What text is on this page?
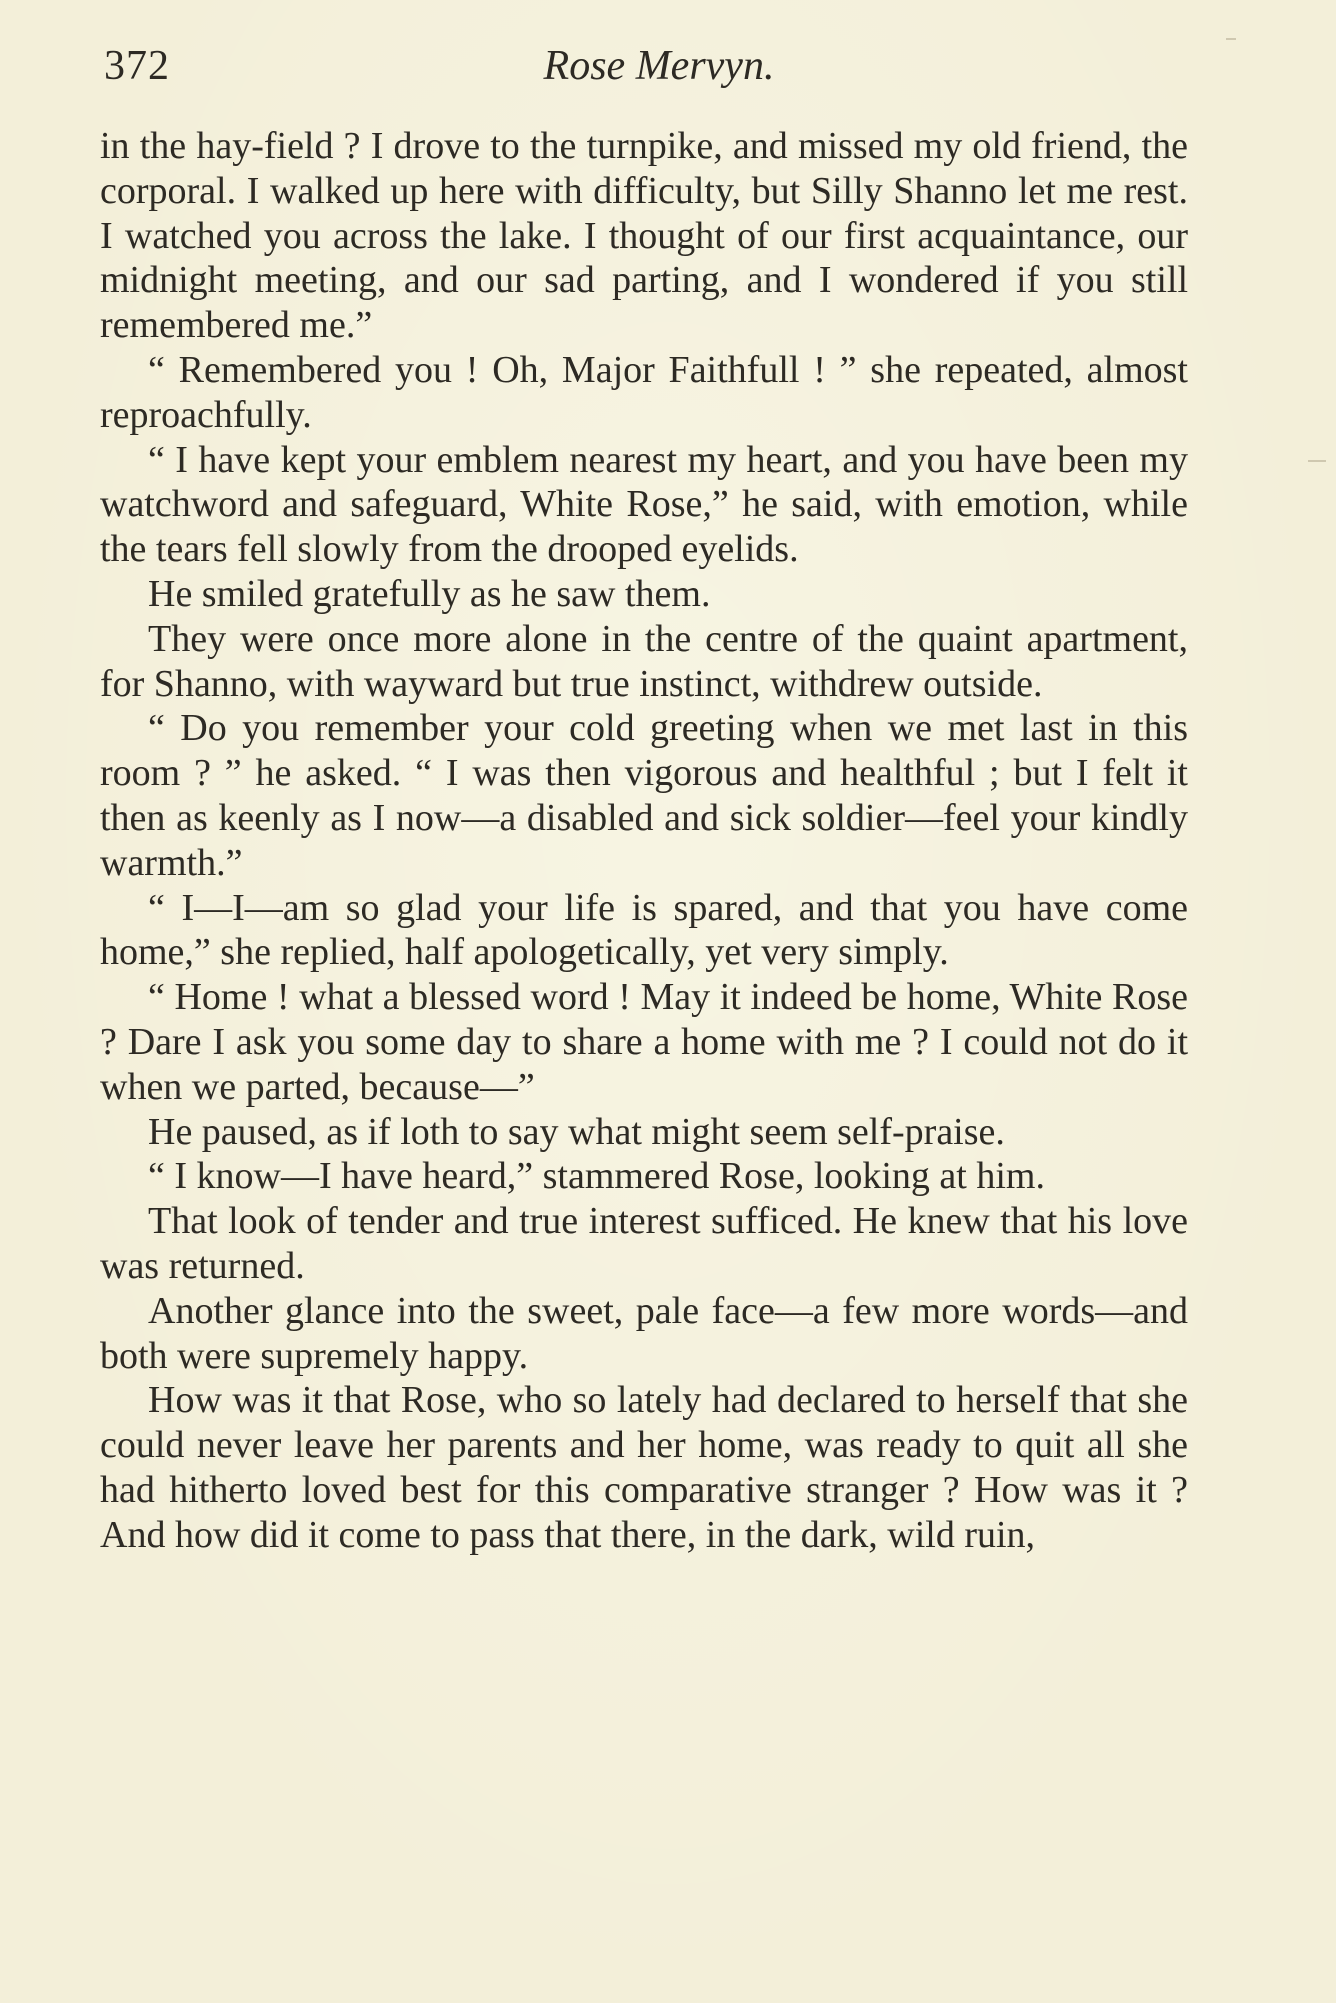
372	Rose Mervyn.

in the hay-field ? I drove to the turnpike, and missed my old friend, the corporal. I walked up here with difficulty, but Silly Shanno let me rest. I watched you across the lake. I thought of our first acquaintance, our midnight meeting, and our sad parting, and I wondered if you still remembered me.”

“ Remembered you ! Oh, Major Faithfull ! ” she repeated, almost reproachfully.

“ I have kept your emblem nearest my heart, and you have been my watchword and safeguard, White Rose,” he said, with emotion, while the tears fell slowly from the drooped eyelids.

He smiled gratefully as he saw them.

They were once more alone in the centre of the quaint apartment, for Shanno, with wayward but true instinct, withdrew outside.

“ Do you remember your cold greeting when we met last in this room ? ” he asked. “ I was then vigorous and healthful ; but I felt it then as keenly as I now—a disabled and sick soldier—feel your kindly warmth.”

“ I—I—am so glad your life is spared, and that you have come home,” she replied, half apologetically, yet very simply.

“ Home ! what a blessed word ! May it indeed be home, White Rose ? Dare I ask you some day to share a home with me ? I could not do it when we parted, because—”

He paused, as if loth to say what might seem self-praise.

“ I know—I have heard,” stammered Rose, looking at him.

That look of tender and true interest sufficed. He knew that his love was returned.

Another glance into the sweet, pale face—a few more words—and both were supremely happy.

How was it that Rose, who so lately had declared to herself that she could never leave her parents and her home, was ready to quit all she had hitherto loved best for this comparative stranger ? How was it ? And how did it come to pass that there, in the dark, wild ruin,
